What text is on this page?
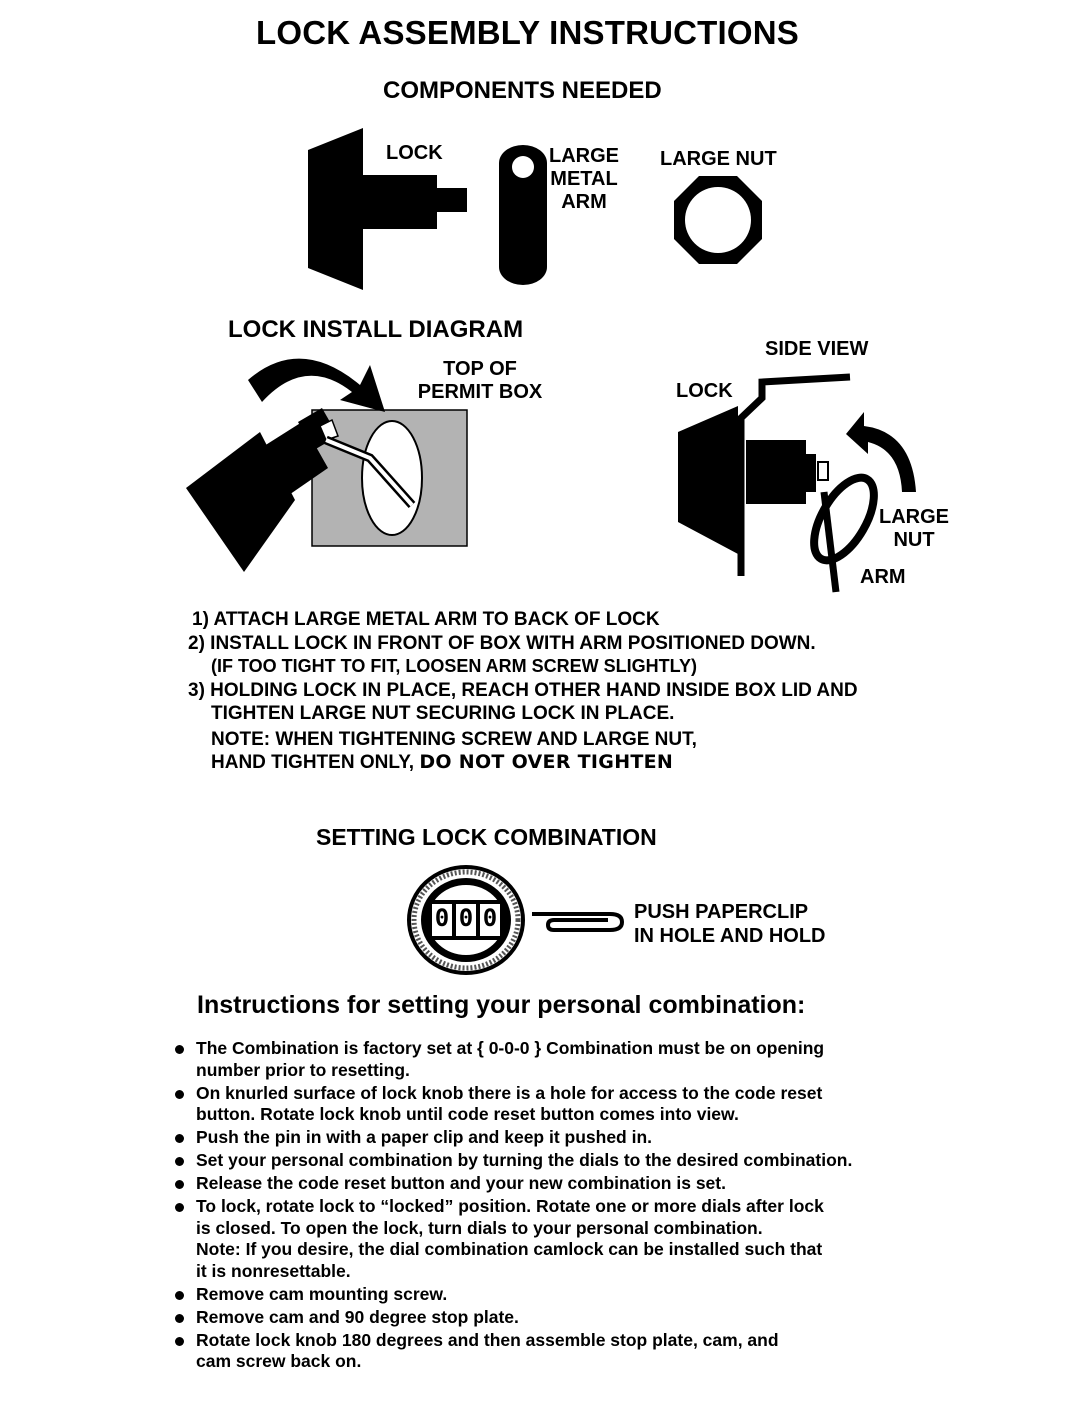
LOCK ASSEMBLY INSTRUCTIONS
COMPONENTS NEEDED
LOCK	LARGE
METAL
ARM
LARGE NUT
LOCK INSTALL DIAGRAM
TOP OF
PERMIT BOX
SIDE VIEW
LOCK
LARGE
NUT
ARM
1) ATTACH LARGE METAL ARM TO BACK OF LOCK
2) INSTALL LOCK IN FRONT OF BOX WITH ARM POSITIONED DOWN.
(IF TOO TIGHT TO FIT, LOOSEN ARM SCREW SLIGHTLY)
3) HOLDING LOCK IN PLACE, REACH OTHER HAND INSIDE BOX LID AND
TIGHTEN LARGE NUT SECURING LOCK IN PLACE.
NOTE: WHEN TIGHTENING SCREW AND LARGE NUT,
HAND TIGHTEN ONLY, DO NOT OVER TIGHTEN
SETTING LOCK COMBINATION
0 0 0	PUSH PAPERCLIP
IN HOLE AND HOLD
Instructions for setting your personal combination:
The Combination is factory set at { 0-0-0 } Combination must be on opening
number prior to resetting.
On knurled surface of lock knob there is a hole for access to the code reset
button. Rotate lock knob until code reset button comes into view.
Push the pin in with a paper clip and keep it pushed in.
Set your personal combination by turning the dials to the desired combination.
Release the code reset button and your new combination is set.
To lock, rotate lock to “locked” position. Rotate one or more dials after lock
is closed. To open the lock, turn dials to your personal combination.
Note: If you desire, the dial combination camlock can be installed such that
it is nonresettable.
Remove cam mounting screw.
Remove cam and 90 degree stop plate.
Rotate lock knob 180 degrees and then assemble stop plate, cam, and
cam screw back on.
